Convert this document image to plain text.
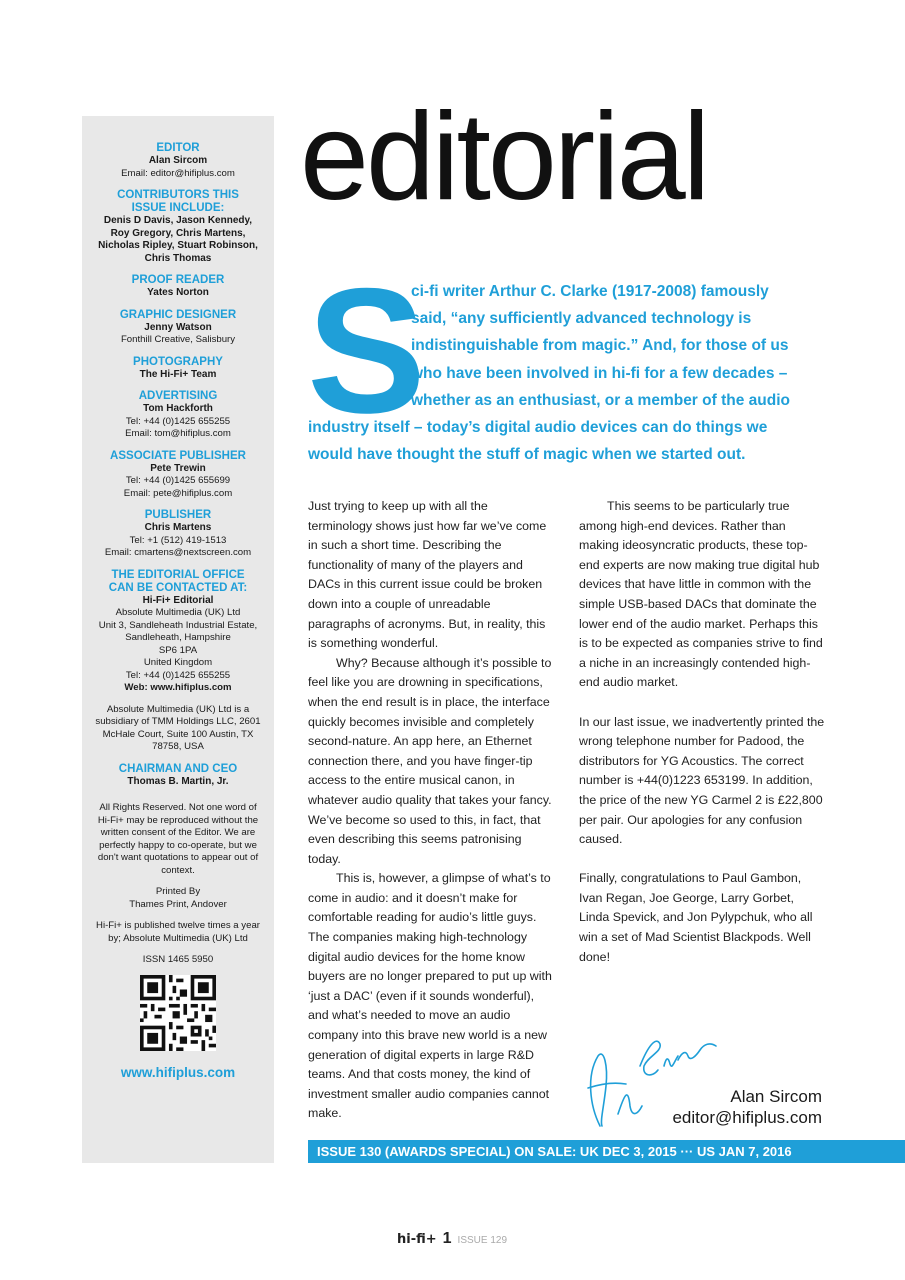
EDITOR
Alan Sircom
Email: editor@hifiplus.com
CONTRIBUTORS THIS
ISSUE INCLUDE:
Denis D Davis, Jason Kennedy,
Roy Gregory, Chris Martens,
Nicholas Ripley, Stuart Robinson,
Chris Thomas
PROOF READER
Yates Norton
GRAPHIC DESIGNER
Jenny Watson
Fonthill Creative, Salisbury
PHOTOGRAPHY
The Hi-Fi+ Team
ADVERTISING
Tom Hackforth
Tel: +44 (0)1425 655255
Email: tom@hifiplus.com
ASSOCIATE PUBLISHER
Pete Trewin
Tel: +44 (0)1425 655699
Email: pete@hifiplus.com
PUBLISHER
Chris Martens
Tel: +1 (512) 419-1513
Email: cmartens@nextscreen.com
THE EDITORIAL OFFICE
CAN BE CONTACTED AT:
Hi-Fi+ Editorial
Absolute Multimedia (UK) Ltd
Unit 3, Sandleheath Industrial Estate,
Sandleheath, Hampshire
SP6 1PA
United Kingdom
Tel: +44 (0)1425 655255
Web: www.hifiplus.com
Absolute Multimedia (UK) Ltd is a subsidiary of TMM Holdings LLC, 2601 McHale Court, Suite 100 Austin, TX 78758, USA
CHAIRMAN AND CEO
Thomas B. Martin, Jr.
All Rights Reserved. Not one word of Hi-Fi+ may be reproduced without the written consent of the Editor. We are perfectly happy to co-operate, but we don't want quotations to appear out of context.
Printed By
Thames Print, Andover
Hi-Fi+ is published twelve times a year by; Absolute Multimedia (UK) Ltd
ISSN 1465 5950
www.hifiplus.com
editorial
S
ci-fi writer Arthur C. Clarke (1917-2008) famously
said, “any sufficiently advanced technology is
indistinguishable from magic.” And, for those of us
who have been involved in hi-fi for a few decades –
whether as an enthusiast, or a member of the audio
industry itself – today’s digital audio devices can do things we
would have thought the stuff of magic when we started out.

Just trying to keep up with all the terminology shows just how far we’ve come in such a short time. Describing the functionality of many of the players and DACs in this current issue could be broken down into a couple of unreadable paragraphs of acronyms. But, in reality, this is something wonderful.

Why? Because although it’s possible to feel like you are drowning in specifications, when the end result is in place, the interface quickly becomes invisible and completely second-nature. An app here, an Ethernet connection there, and you have finger-tip access to the entire musical canon, in whatever audio quality that takes your fancy. We’ve become so used to this, in fact, that even describing this seems patronising today.

This is, however, a glimpse of what’s to come in audio: and it doesn’t make for comfortable reading for audio’s little guys. The companies making high-technology digital audio devices for the home know buyers are no longer prepared to put up with ‘just a DAC’ (even if it sounds wonderful), and what’s needed to move an audio company into this brave new world is a new generation of digital experts in large R&D teams. And that costs money, the kind of investment smaller audio companies cannot make.

This seems to be particularly true among high-end devices. Rather than making ideosyncratic products, these top-end experts are now making true digital hub devices that have little in common with the simple USB-based DACs that dominate the lower end of the audio market. Perhaps this is to be expected as companies strive to find a niche in an increasingly contended high-end audio market.

In our last issue, we inadvertently printed the wrong telephone number for Padood, the distributors for YG Acoustics. The correct number is +44(0)1223 653199. In addition, the price of the new YG Carmel 2 is £22,800 per pair. Our apologies for any confusion caused.

Finally, congratulations to Paul Gambon, Ivan Regan, Joe George, Larry Gorbet, Linda Spevick, and Jon Pylypchuk, who all win a set of Mad Scientist Blackpods. Well done!

Alan Sircom
editor@hifiplus.com
ISSUE 130 (AWARDS SPECIAL) ON SALE: UK DEC 3, 2015 ··· US JAN 7, 2016
hi-fi+ 1 ISSUE 129
